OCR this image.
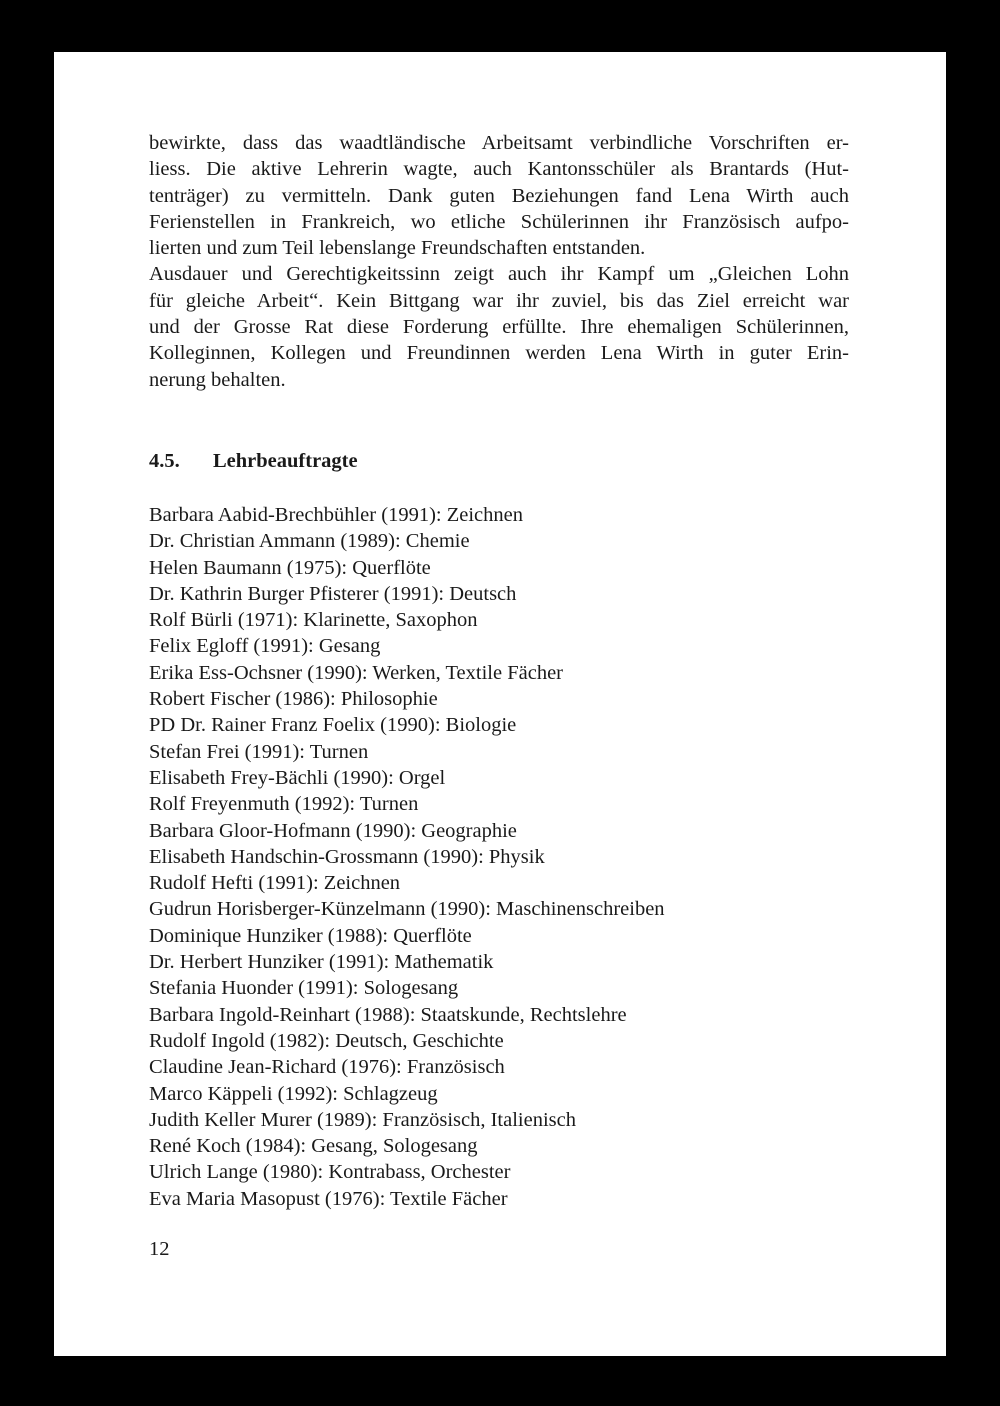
bewirkte, dass das waadtländische Arbeitsamt verbindliche Vorschriften er-
liess. Die aktive Lehrerin wagte, auch Kantonsschüler als Brantards (Hut-
tenträger) zu vermitteln. Dank guten Beziehungen fand Lena Wirth auch
Ferienstellen in Frankreich, wo etliche Schülerinnen ihr Französisch aufpo-
lierten und zum Teil lebenslange Freundschaften entstanden.
Ausdauer und Gerechtigkeitssinn zeigt auch ihr Kampf um „Gleichen Lohn
für gleiche Arbeit“. Kein Bittgang war ihr zuviel, bis das Ziel erreicht war
und der Grosse Rat diese Forderung erfüllte. Ihre ehemaligen Schülerinnen,
Kolleginnen, Kollegen und Freundinnen werden Lena Wirth in guter Erin-
nerung behalten.

4.5. Lehrbeauftragte
Barbara Aabid-Brechbühler (1991): Zeichnen
Dr. Christian Ammann (1989): Chemie
Helen Baumann (1975): Querflöte
Dr. Kathrin Burger Pfisterer (1991): Deutsch
Rolf Bürli (1971): Klarinette, Saxophon
Felix Egloff (1991): Gesang
Erika Ess-Ochsner (1990): Werken, Textile Fächer
Robert Fischer (1986): Philosophie
PD Dr. Rainer Franz Foelix (1990): Biologie
Stefan Frei (1991): Turnen
Elisabeth Frey-Bächli (1990): Orgel
Rolf Freyenmuth (1992): Turnen
Barbara Gloor-Hofmann (1990): Geographie
Elisabeth Handschin-Grossmann (1990): Physik
Rudolf Hefti (1991): Zeichnen
Gudrun Horisberger-Künzelmann (1990): Maschinenschreiben
Dominique Hunziker (1988): Querflöte
Dr. Herbert Hunziker (1991): Mathematik
Stefania Huonder (1991): Sologesang
Barbara Ingold-Reinhart (1988): Staatskunde, Rechtslehre
Rudolf Ingold (1982): Deutsch, Geschichte
Claudine Jean-Richard (1976): Französisch
Marco Käppeli (1992): Schlagzeug
Judith Keller Murer (1989): Französisch, Italienisch
René Koch (1984): Gesang, Sologesang
Ulrich Lange (1980): Kontrabass, Orchester
Eva Maria Masopust (1976): Textile Fächer
12
